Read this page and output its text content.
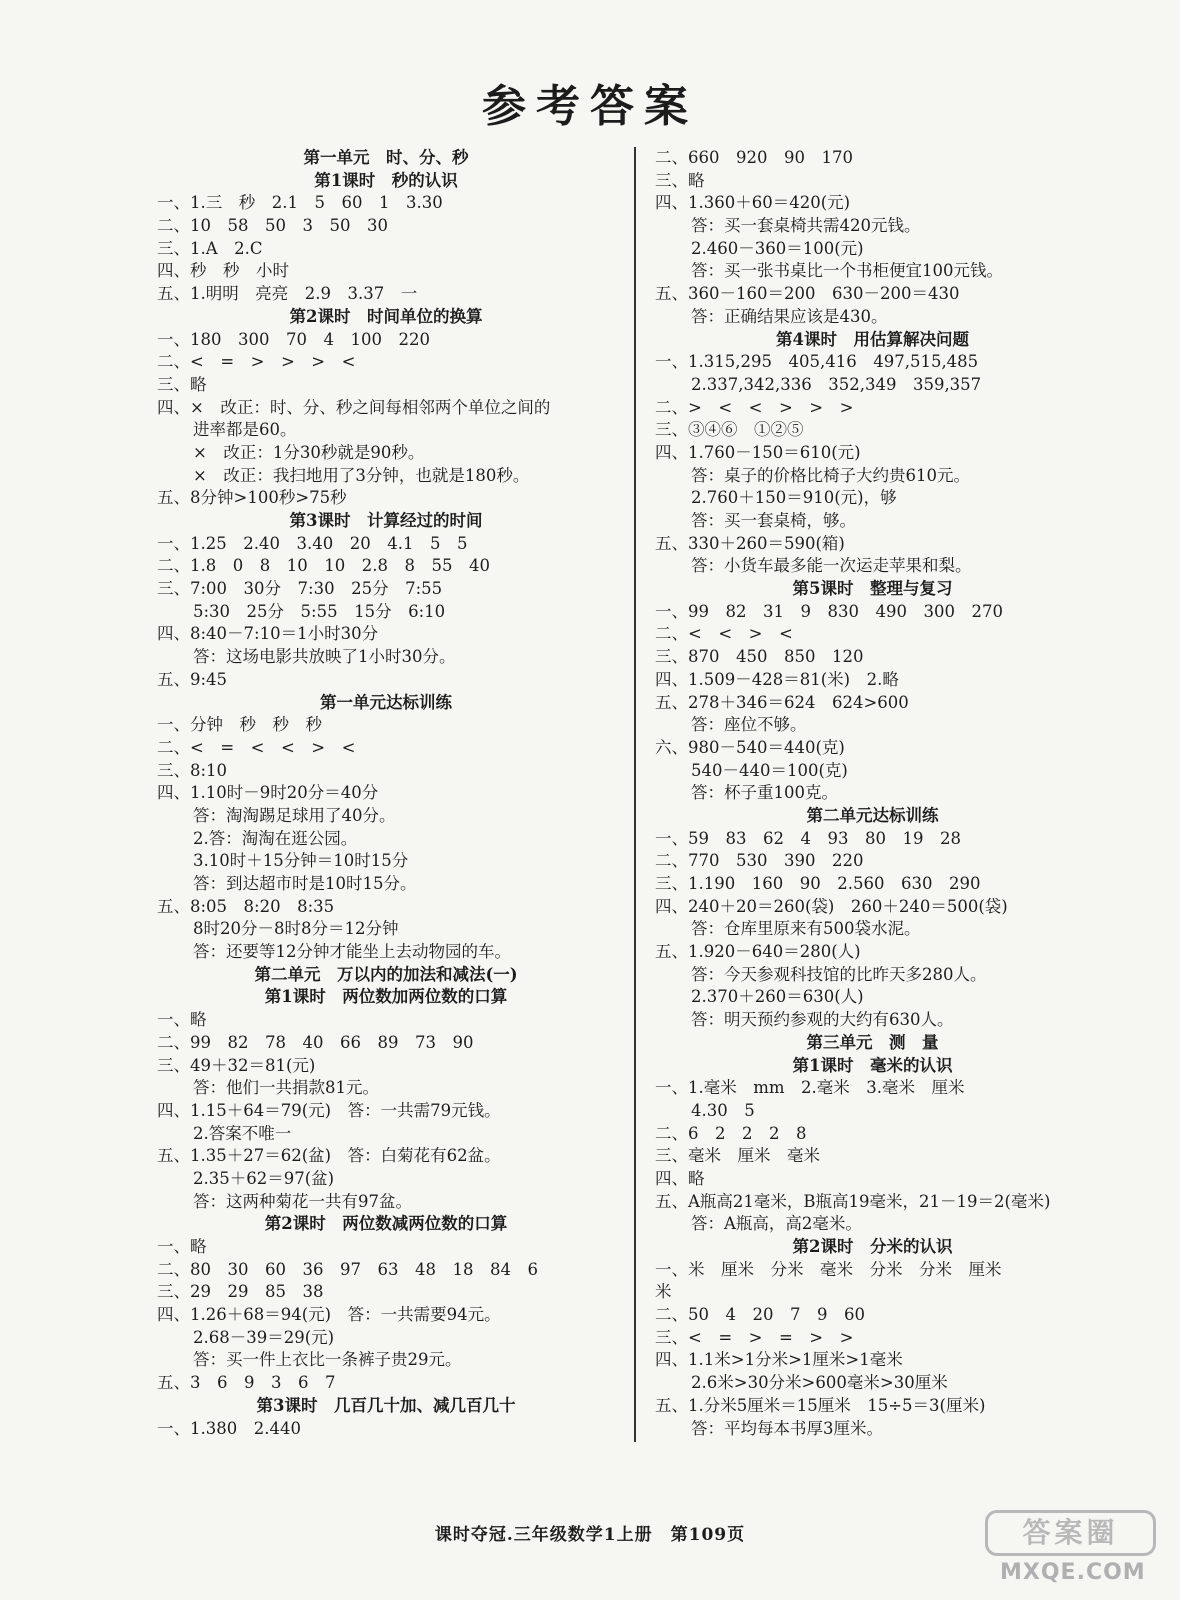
参考答案
第一单元　时、分、秒
第1课时　秒的认识
一、1.三　秒　2.1　5　60　1　3.30
二、10　58　50　3　50　30
三、1.A　2.C
四、秒　秒　小时
五、1.明明　亮亮　2.9　3.37　一
第2课时　时间单位的换算
一、180　300　70　4　100　220
二、<　=　>　>　>　<
三、略
四、×　改正：时、分、秒之间每相邻两个单位之间的
进率都是60。
×　改正：1分30秒就是90秒。
×　改正：我扫地用了3分钟，也就是180秒。
五、8分钟>100秒>75秒
第3课时　计算经过的时间
一、1.25　2.40　3.40　20　4.1　5　5
二、1.8　0　8　10　10　2.8　8　55　40
三、7:00　30分　7:30　25分　7:55
5:30　25分　5:55　15分　6:10
四、8:40－7:10＝1小时30分
答：这场电影共放映了1小时30分。
五、9:45
第一单元达标训练
一、分钟　秒　秒　秒
二、<　=　<　<　>　<
三、8:10
四、1.10时－9时20分＝40分
答：淘淘踢足球用了40分。
2.答：淘淘在逛公园。
3.10时＋15分钟＝10时15分
答：到达超市时是10时15分。
五、8:05　8:20　8:35
8时20分－8时8分＝12分钟
答：还要等12分钟才能坐上去动物园的车。
第二单元　万以内的加法和减法(一)
第1课时　两位数加两位数的口算
一、略
二、99　82　78　40　66　89　73　90
三、49＋32＝81(元)
答：他们一共捐款81元。
四、1.15＋64＝79(元)　答：一共需79元钱。
2.答案不唯一
五、1.35＋27＝62(盆)　答：白菊花有62盆。
2.35＋62＝97(盆)
答：这两种菊花一共有97盆。
第2课时　两位数减两位数的口算
一、略
二、80　30　60　36　97　63　48　18　84　6
三、29　29　85　38
四、1.26＋68＝94(元)　答：一共需要94元。
2.68－39＝29(元)
答：买一件上衣比一条裤子贵29元。
五、3　6　9　3　6　7
第3课时　几百几十加、减几百几十
一、1.380　2.440
二、660　920　90　170
三、略
四、1.360＋60＝420(元)
答：买一套桌椅共需420元钱。
2.460－360＝100(元)
答：买一张书桌比一个书柜便宜100元钱。
五、360－160＝200　630－200＝430
答：正确结果应该是430。
第4课时　用估算解决问题
一、1.315,295　405,416　497,515,485
2.337,342,336　352,349　359,357
二、>　<　<　>　>　>
三、③④⑥　①②⑤
四、1.760－150＝610(元)
答：桌子的价格比椅子大约贵610元。
2.760＋150＝910(元)，够
答：买一套桌椅，够。
五、330＋260＝590(箱)
答：小货车最多能一次运走苹果和梨。
第5课时　整理与复习
一、99　82　31　9　830　490　300　270
二、<　<　>　<
三、870　450　850　120
四、1.509－428＝81(米)　2.略
五、278＋346＝624　624>600
答：座位不够。
六、980－540＝440(克)
540－440＝100(克)
答：杯子重100克。
第二单元达标训练
一、59　83　62　4　93　80　19　28
二、770　530　390　220
三、1.190　160　90　2.560　630　290
四、240＋20＝260(袋)　260＋240＝500(袋)
答：仓库里原来有500袋水泥。
五、1.920－640＝280(人)
答：今天参观科技馆的比昨天多280人。
2.370＋260＝630(人)
答：明天预约参观的大约有630人。
第三单元　测　量
第1课时　毫米的认识
一、1.毫米　mm　2.毫米　3.毫米　厘米
4.30　5
二、6　2　2　2　8
三、毫米　厘米　毫米
四、略
五、A瓶高21毫米，B瓶高19毫米，21－19＝2(毫米)
答：A瓶高，高2毫米。
第2课时　分米的认识
一、米　厘米　分米　毫米　分米　分米　厘米
米
二、50　4　20　7　9　60
三、<　=　>　=　>　>
四、1.1米>1分米>1厘米>1毫米
2.6米>30分米>600毫米>30厘米
五、1.分米5厘米＝15厘米　15÷5＝3(厘米)
答：平均每本书厚3厘米。
课时夺冠.三年级数学1上册　第109页	答案圈
MXQE.COM
